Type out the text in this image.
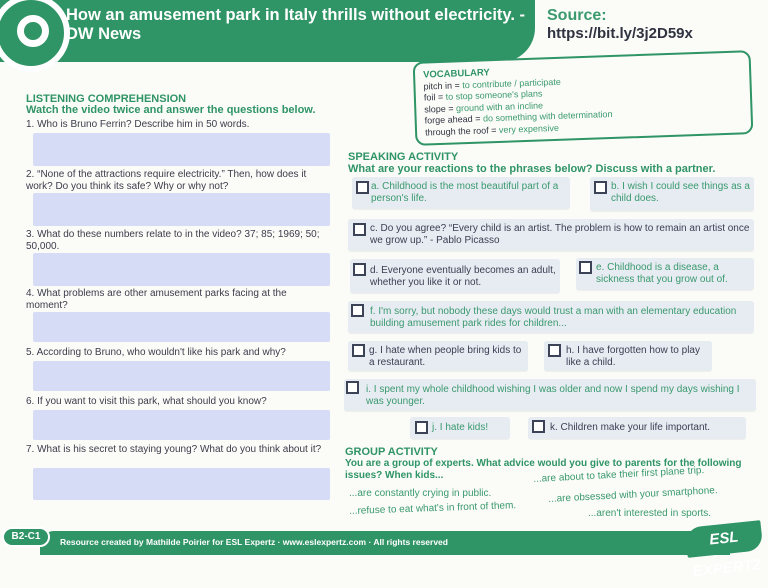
How an amusement park in Italy thrills without electricity. - DW News
Source:
https://bit.ly/3j2D59x
VOCABULARY
pitch in = to contribute / participate
foil = to stop someone's plans
slope = ground with an incline
forge ahead = do something with determination
through the roof = very expensive
LISTENING COMPREHENSION
Watch the video twice and answer the questions below.
1. Who is Bruno Ferrin? Describe him in 50 words.
2. “None of the attractions require electricity.” Then, how does it work? Do you think its safe? Why or why not?
3. What do these numbers relate to in the video? 37; 85; 1969; 50; 50,000.
4. What problems are other amusement parks facing at the moment?
5. According to Bruno, who wouldn't like his park and why?
6. If you want to visit this park, what should you know?
7. What is his secret to staying young? What do you think about it?
SPEAKING ACTIVITY
What are your reactions to the phrases below? Discuss with a partner.
a. Childhood is the most beautiful part of a person's life.
b. I wish I could see things as a child does.
c. Do you agree? “Every child is an artist. The problem is how to remain an artist once we grow up.” - Pablo Picasso
d. Everyone eventually becomes an adult, whether you like it or not.
e. Childhood is a disease, a sickness that you grow out of.
f. I'm sorry, but nobody these days would trust a man with an elementary education building amusement park rides for children...
g. I hate when people bring kids to a restaurant.
h. I have forgotten how to play like a child.
i. I spent my whole childhood wishing I was older and now I spend my days wishing I was younger.
j. I hate kids!	k. Children make your life important.
GROUP ACTIVITY
You are a group of experts. What advice would you give to parents for the following issues? When kids...	...are about to take their first plane trip.
...are constantly crying in public.	...are obsessed with your smartphone.
...refuse to eat what's in front of them.	...aren't interested in sports.
Resource created by Mathilde Poirier for ESL Expertz · www.eslexpertz.com · All rights reserved
B2-C1	ESL EXPERTZ
